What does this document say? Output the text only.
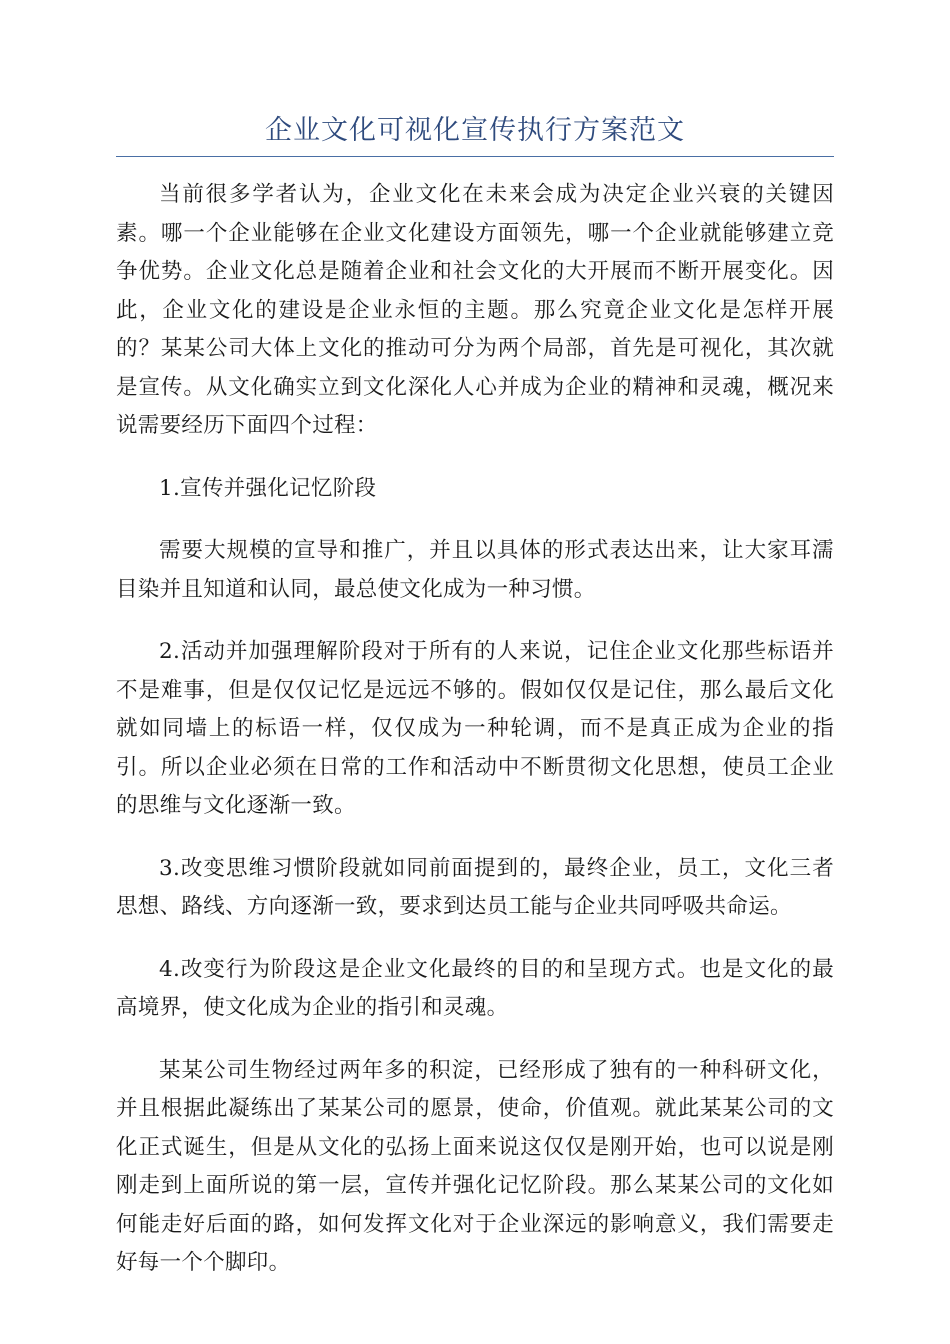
企业文化可视化宣传执行方案范文

当前很多学者认为，企业文化在未来会成为决定企业兴衰的关键因素。哪一个企业能够在企业文化建设方面领先，哪一个企业就能够建立竞争优势。企业文化总是随着企业和社会文化的大开展而不断开展变化。因此，企业文化的建设是企业永恒的主题。那么究竟企业文化是怎样开展的？某某公司大体上文化的推动可分为两个局部，首先是可视化，其次就是宣传。从文化确实立到文化深化人心并成为企业的精神和灵魂，概况来说需要经历下面四个过程：

1.宣传并强化记忆阶段

需要大规模的宣导和推广，并且以具体的形式表达出来，让大家耳濡目染并且知道和认同，最总使文化成为一种习惯。

2.活动并加强理解阶段对于所有的人来说，记住企业文化那些标语并不是难事，但是仅仅记忆是远远不够的。假如仅仅是记住，那么最后文化就如同墙上的标语一样，仅仅成为一种轮调，而不是真正成为企业的指引。所以企业必须在日常的工作和活动中不断贯彻文化思想，使员工企业的思维与文化逐渐一致。

3.改变思维习惯阶段就如同前面提到的，最终企业，员工，文化三者思想、路线、方向逐渐一致，要求到达员工能与企业共同呼吸共命运。

4.改变行为阶段这是企业文化最终的目的和呈现方式。也是文化的最高境界，使文化成为企业的指引和灵魂。

某某公司生物经过两年多的积淀，已经形成了独有的一种科研文化，并且根据此凝练出了某某公司的愿景，使命，价值观。就此某某公司的文化正式诞生，但是从文化的弘扬上面来说这仅仅是刚开始，也可以说是刚刚走到上面所说的第一层，宣传并强化记忆阶段。那么某某公司的文化如何能走好后面的路，如何发挥文化对于企业深远的影响意义，我们需要走好每一个个脚印。
